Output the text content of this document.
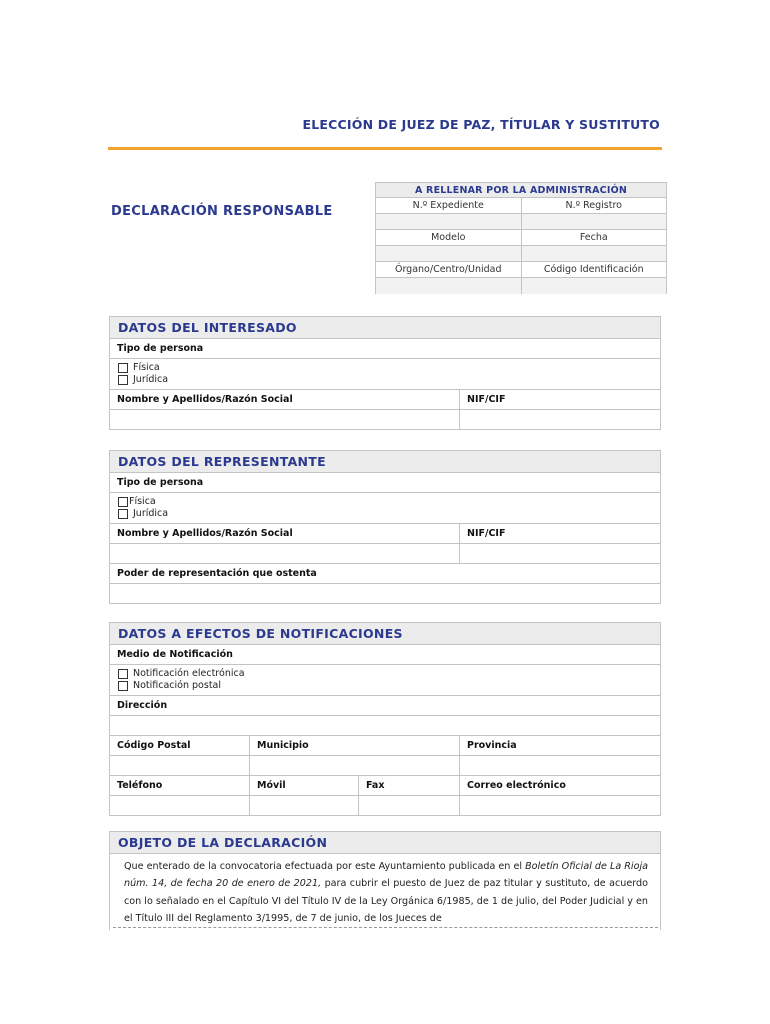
ELECCIÓN DE JUEZ DE PAZ, TÍTULAR Y SUSTITUTO
DECLARACIÓN RESPONSABLE
A RELLENAR POR LA ADMINISTRACIÓN
N.º Expediente	N.º Registro
Modelo	Fecha
Órgano/Centro/Unidad	Código Identificación
DATOS DEL INTERESADO
Tipo de persona
Física
Jurídica
Nombre y Apellidos/Razón Social	NIF/CIF
DATOS DEL REPRESENTANTE
Tipo de persona
Física
Jurídica
Nombre y Apellidos/Razón Social	NIF/CIF
Poder de representación que ostenta
DATOS A EFECTOS DE NOTIFICACIONES
Medio de Notificación
Notificación electrónica
Notificación postal
Dirección
Código Postal	Municipio	Provincia
Teléfono	Móvil	Fax	Correo electrónico
OBJETO DE LA DECLARACIÓN
Que enterado de la convocatoria efectuada por este Ayuntamiento publicada en el Boletín Oficial de La Rioja núm. 14, de fecha 20 de enero de 2021, para cubrir el puesto de Juez de paz titular y sustituto, de acuerdo con lo señalado en el Capítulo VI del Título IV de la Ley Orgánica 6/1985, de 1 de julio, del Poder Judicial y en el Título III del Reglamento 3/1995, de 7 de junio, de los Jueces de
